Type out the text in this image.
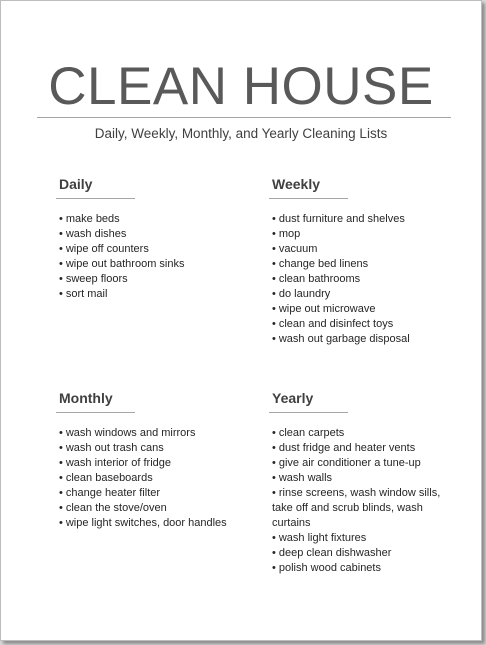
CLEAN HOUSE
Daily, Weekly, Monthly, and Yearly Cleaning Lists
Daily
• make beds
• wash dishes
• wipe off counters
• wipe out bathroom sinks
• sweep floors
• sort mail
Weekly
• dust furniture and shelves
• mop
• vacuum
• change bed linens
• clean bathrooms
• do laundry
• wipe out microwave
• clean and disinfect toys
• wash out garbage disposal
Monthly
• wash windows and mirrors
• wash out trash cans
• wash interior of fridge
• clean baseboards
• change heater filter
• clean the stove/oven
• wipe light switches, door handles
Yearly
• clean carpets
• dust fridge and heater vents
• give air conditioner a tune-up
• wash walls
• rinse screens, wash window sills, take off and scrub blinds, wash curtains
• wash light fixtures
• deep clean dishwasher
• polish wood cabinets
